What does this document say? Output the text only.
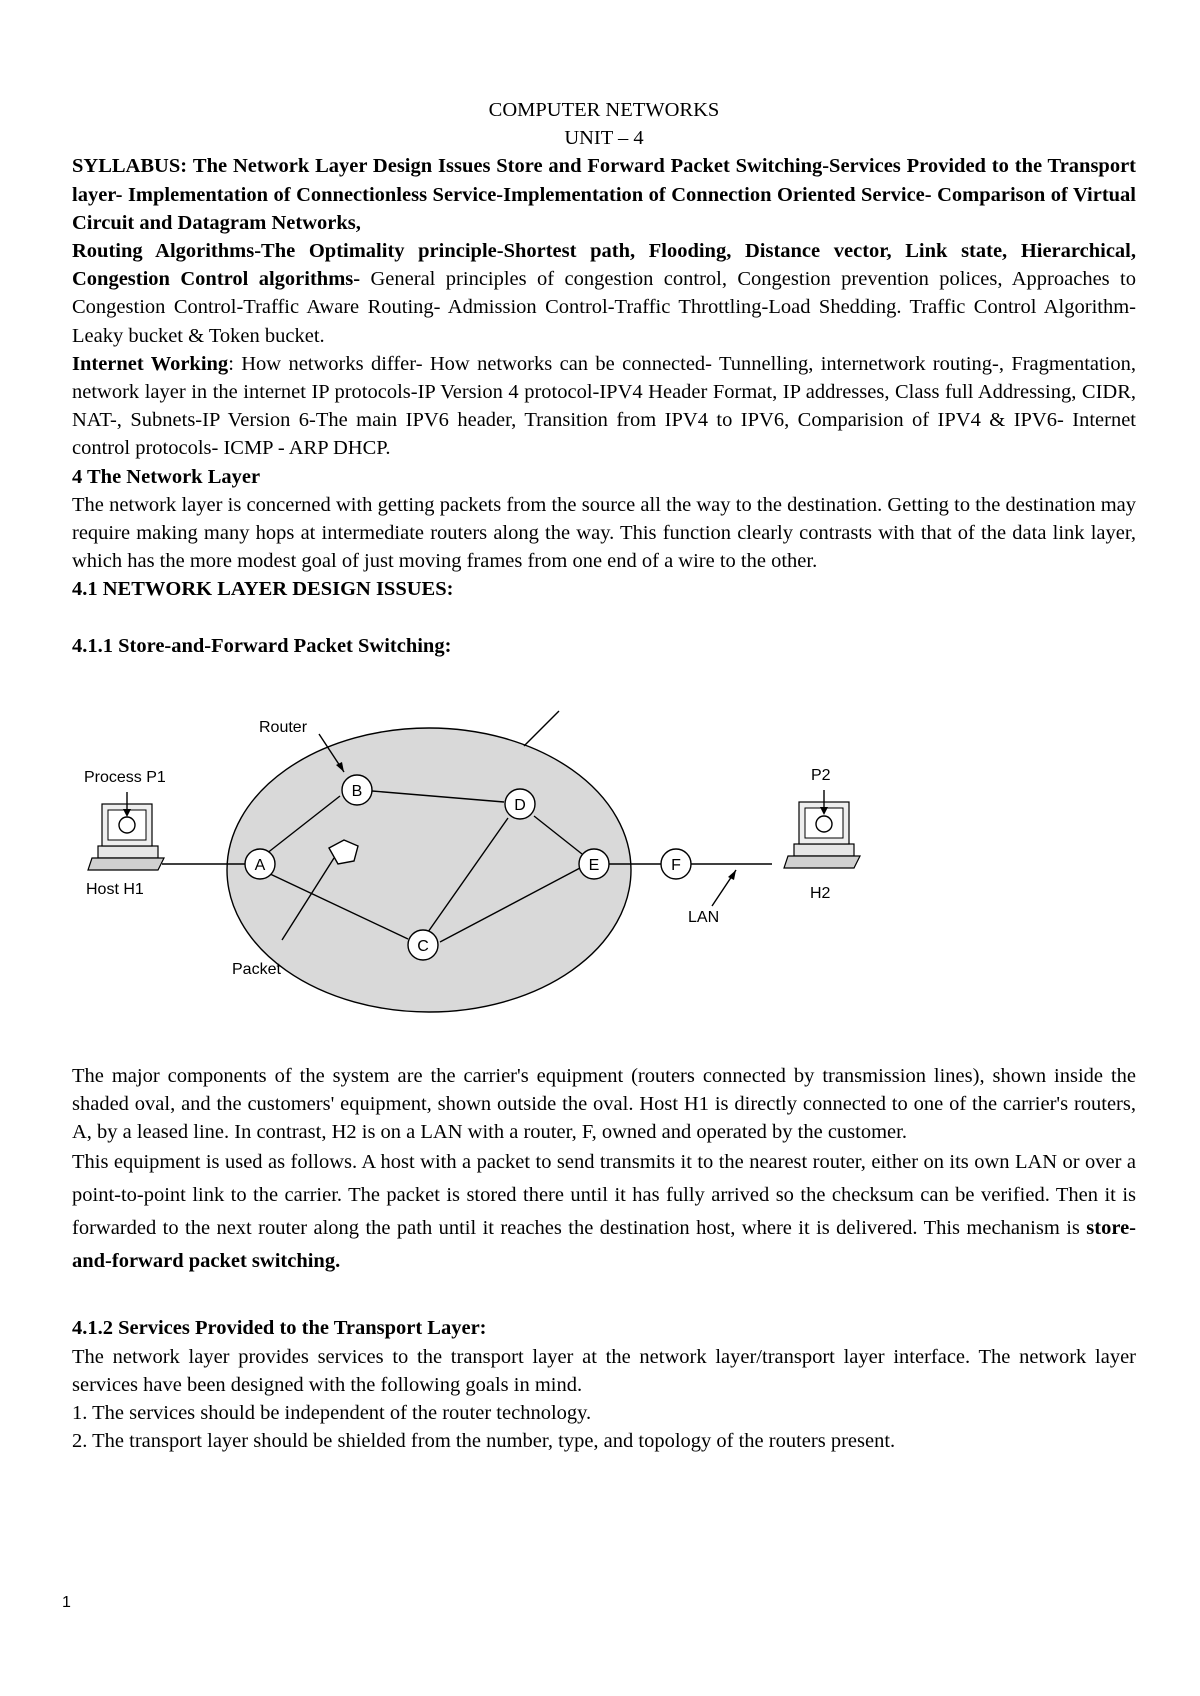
COMPUTER NETWORKS

UNIT – 4

SYLLABUS: The Network Layer Design Issues Store and Forward Packet Switching-Services Provided to the Transport layer- Implementation of Connectionless Service-Implementation of Connection Oriented Service- Comparison of Virtual Circuit and Datagram Networks,

Routing Algorithms-The Optimality principle-Shortest path, Flooding, Distance vector, Link state, Hierarchical, Congestion Control algorithms- General principles of congestion control, Congestion prevention polices, Approaches to Congestion Control-Traffic Aware Routing- Admission Control-Traffic Throttling-Load Shedding. Traffic Control Algorithm-Leaky bucket & Token bucket.

Internet Working: How networks differ- How networks can be connected- Tunnelling, internetwork routing-, Fragmentation, network layer in the internet IP protocols-IP Version 4 protocol-IPV4 Header Format, IP addresses, Class full Addressing, CIDR, NAT-, Subnets-IP Version 6-The main IPV6 header, Transition from IPV4 to IPV6, Comparision of IPV4 & IPV6- Internet control protocols- ICMP - ARP DHCP.

4 The Network Layer

The network layer is concerned with getting packets from the source all the way to the destination. Getting to the destination may require making many hops at intermediate routers along the way. This function clearly contrasts with that of the data link layer, which has the more modest goal of just moving frames from one end of a wire to the other.

4.1 NETWORK LAYER DESIGN ISSUES:

4.1.1 Store-and-Forward Packet Switching:

A
B
C
D
E	F
Router
Process P1
Host H1
P2
H2
LAN
Packet

The major components of the system are the carrier's equipment (routers connected by transmission lines), shown inside the shaded oval, and the customers' equipment, shown outside the oval. Host H1 is directly connected to one of the carrier's routers, A, by a leased line. In contrast, H2 is on a LAN with a router, F, owned and operated by the customer.

This equipment is used as follows. A host with a packet to send transmits it to the nearest router, either on its own LAN or over a point-to-point link to the carrier. The packet is stored there until it has fully arrived so the checksum can be verified. Then it is forwarded to the next router along the path until it reaches the destination host, where it is delivered. This mechanism is store-and-forward packet switching.

4.1.2 Services Provided to the Transport Layer:

The network layer provides services to the transport layer at the network layer/transport layer interface. The network layer services have been designed with the following goals in mind.

1. The services should be independent of the router technology.

2. The transport layer should be shielded from the number, type, and topology of the routers present.

1
